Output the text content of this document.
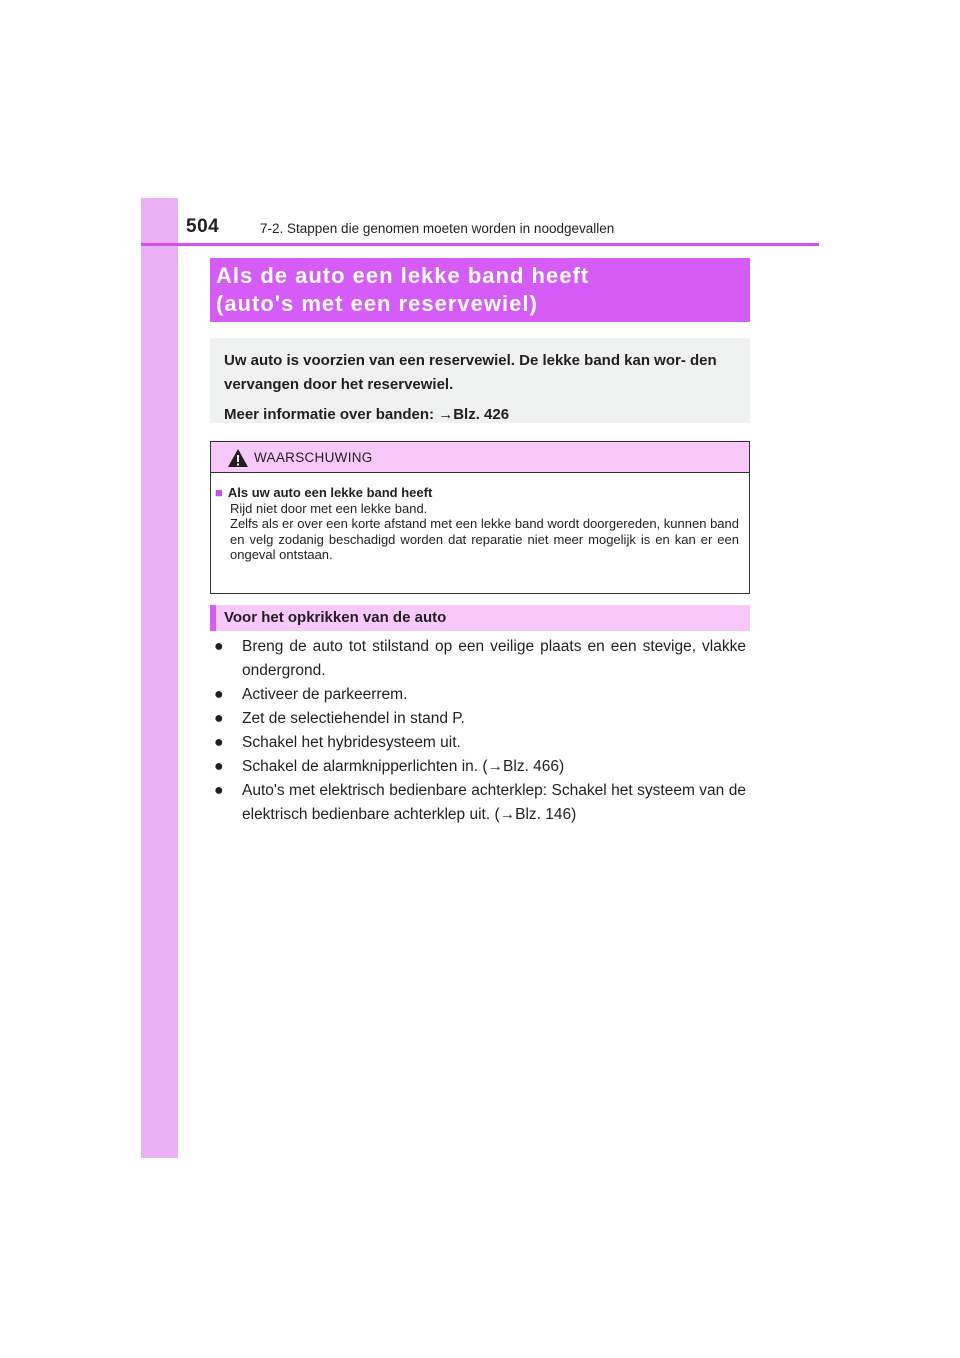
504	7-2. Stappen die genomen moeten worden in noodgevallen
Als de auto een lekke band heeft
(auto's met een reservewiel)
Uw auto is voorzien van een reservewiel. De lekke band kan wor- den vervangen door het reservewiel.
Meer informatie over banden: →Blz. 426
WAARSCHUWING
■ Als uw auto een lekke band heeft
Rijd niet door met een lekke band.
Zelfs als er over een korte afstand met een lekke band wordt doorgereden, kunnen band en velg zodanig beschadigd worden dat reparatie niet meer mogelijk is en kan er een ongeval ontstaan.
Voor het opkrikken van de auto
● Breng de auto tot stilstand op een veilige plaats en een stevige, vlakke ondergrond.
● Activeer de parkeerrem.
● Zet de selectiehendel in stand P.
● Schakel het hybridesysteem uit.
● Schakel de alarmknipperlichten in. (→Blz. 466)
● Auto's met elektrisch bedienbare achterklep: Schakel het systeem van de elektrisch bedienbare achterklep uit. (→Blz. 146)
